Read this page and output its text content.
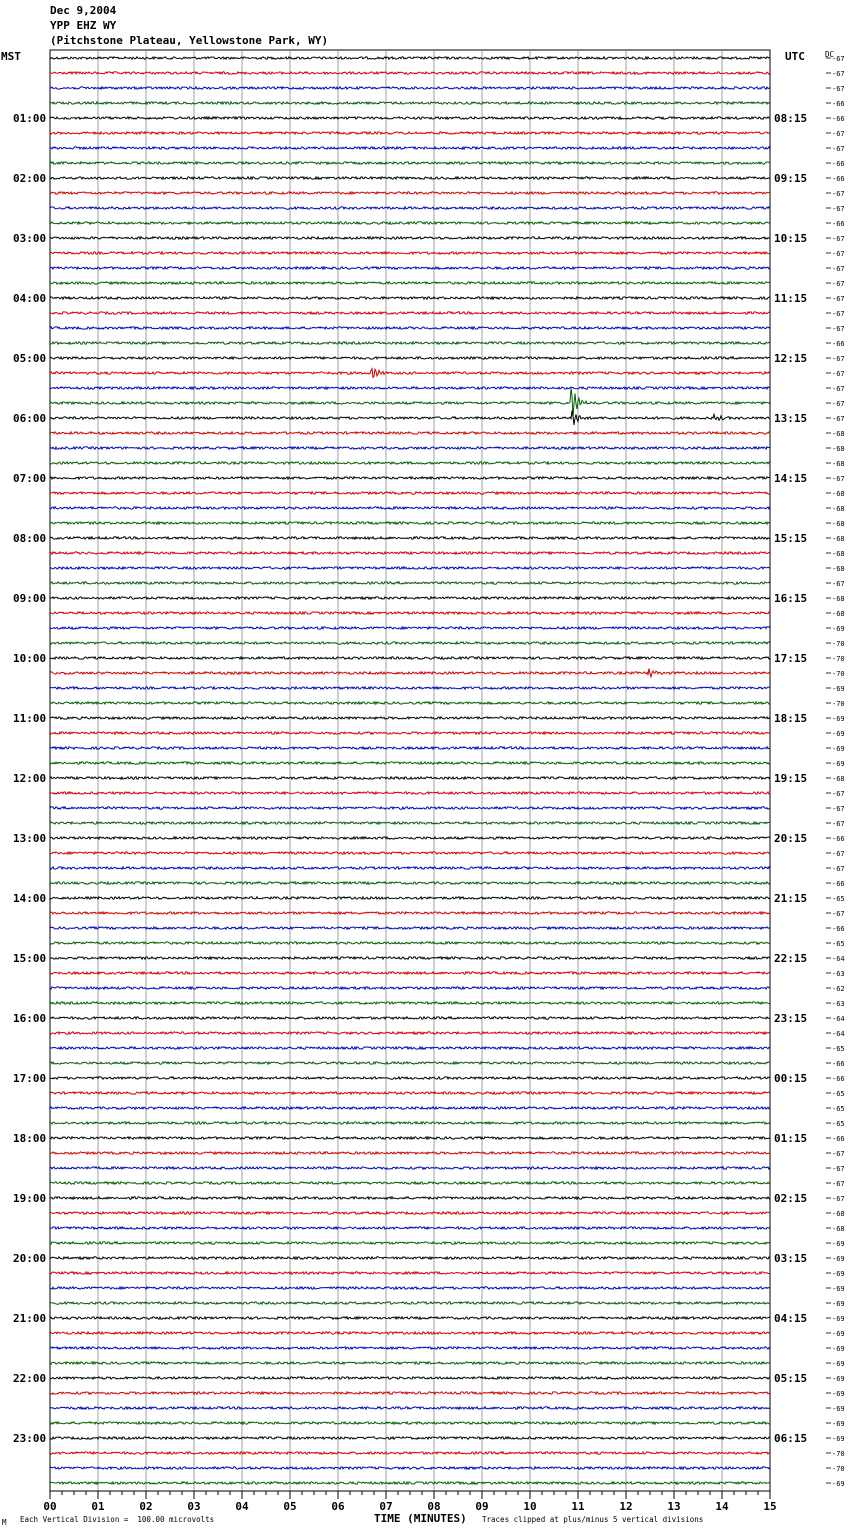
Dec 9,2004
YPP EHZ WY
(Pitchstone Plateau, Yellowstone Park, WY)
MST	UTC	DC
-67
-67
-67
-66
-66
-67
-67
-66
-66
-67
-67
-66
-67
-67
-67
-67
-67
-67
-67
-66
-67
-67
-67
-67
-67
-68
-68
-68
-67
-68
-68
-68
-68
-68
-68
-67
-68
-68
-69
-70
-70
-70
-69
-70
-69
-69
-69
-69
-68
-67
-67
-67
-66
-67
-67
-66
-65
-67
-66
-65
-64
-63
-62
-63
-64
-64
-65
-66
-66
-65
-65
-65
-66
-67
-67
-67
-67
-68
-68
-69
-69
-69
-69
-69
-69
-69
-69
-69
-69
-69
-69
-69
-69
-70
-70
-69
01:00
02:00
03:00
04:00
05:00
06:00
07:00
08:00
09:00
10:00
11:00
12:00
13:00
14:00
15:00
16:00
17:00
18:00
19:00
20:00
21:00
22:00
23:00
08:15
09:15
10:15
11:15
12:15
13:15
14:15
15:15
16:15
17:15
18:15
19:15
20:15
21:15
22:15
23:15
00:15
01:15
02:15
03:15
04:15
05:15
06:15
00	01	02	03	04	05	06	07	08	09	10	11	12	13	14	15
M Each Vertical Division =  100.00 microvolts	TIME (MINUTES) Traces clipped at plus/minus 5 vertical divisions
